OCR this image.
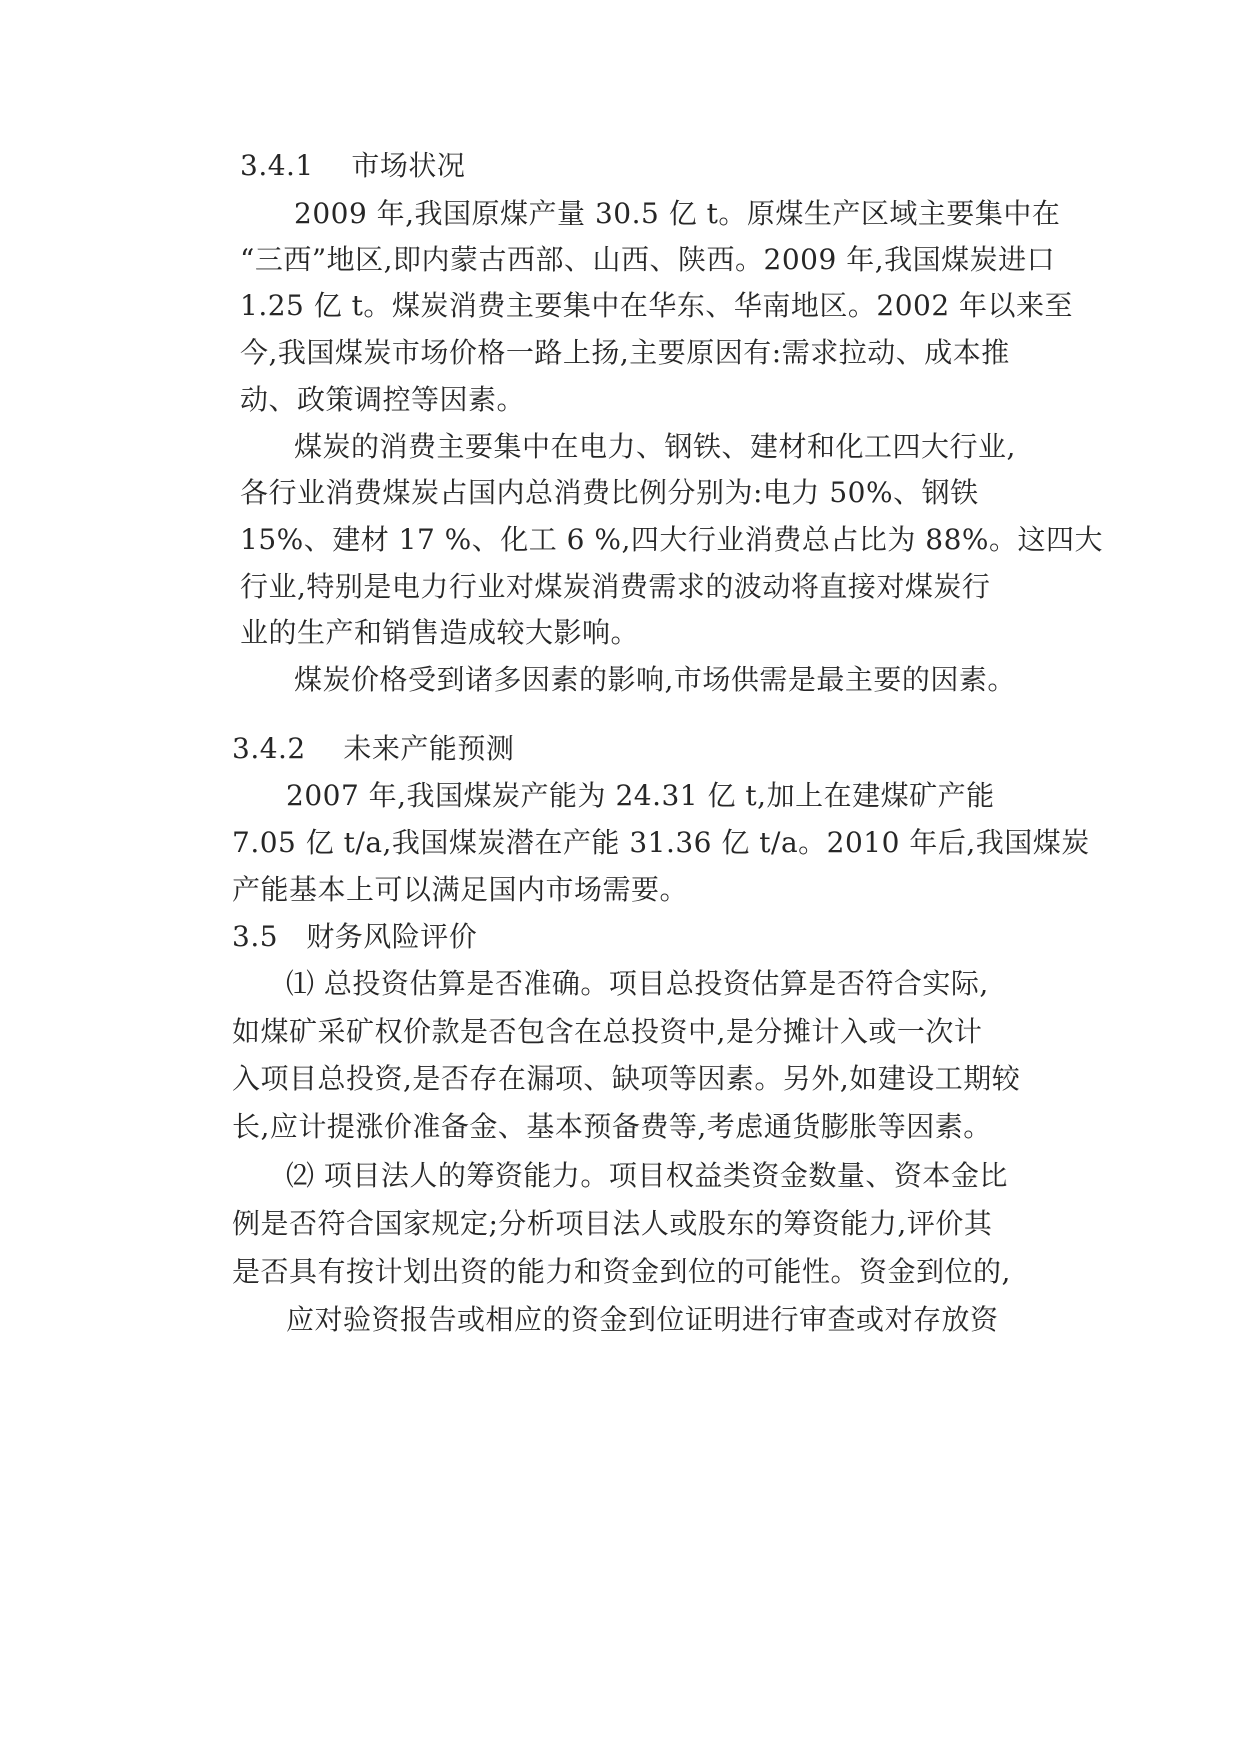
3.4.1 市场状况
2009 年,我国原煤产量 30.5 亿 t。原煤生产区域主要集中在
“三西”地区,即内蒙古西部、山西、陕西。2009 年,我国煤炭进口
1.25 亿 t。煤炭消费主要集中在华东、华南地区。2002 年以来至
今,我国煤炭市场价格一路上扬,主要原因有:需求拉动、成本推
动、政策调控等因素。
煤炭的消费主要集中在电力、钢铁、建材和化工四大行业,
各行业消费煤炭占国内总消费比例分别为:电力 50%、钢铁
15%、建材 17 %、化工 6 %,四大行业消费总占比为 88%。这四大
行业,特别是电力行业对煤炭消费需求的波动将直接对煤炭行
业的生产和销售造成较大影响。
煤炭价格受到诸多因素的影响,市场供需是最主要的因素。
3.4.2 未来产能预测
2007 年,我国煤炭产能为 24.31 亿 t,加上在建煤矿产能
7.05 亿 t/a,我国煤炭潜在产能 31.36 亿 t/a。2010 年后,我国煤炭
产能基本上可以满足国内市场需要。
3.5 财务风险评价
⑴ 总投资估算是否准确。项目总投资估算是否符合实际,
如煤矿采矿权价款是否包含在总投资中,是分摊计入或一次计
入项目总投资,是否存在漏项、缺项等因素。另外,如建设工期较
长,应计提涨价准备金、基本预备费等,考虑通货膨胀等因素。
⑵ 项目法人的筹资能力。项目权益类资金数量、资本金比
例是否符合国家规定;分析项目法人或股东的筹资能力,评价其
是否具有按计划出资的能力和资金到位的可能性。资金到位的,
应对验资报告或相应的资金到位证明进行审查或对存放资
